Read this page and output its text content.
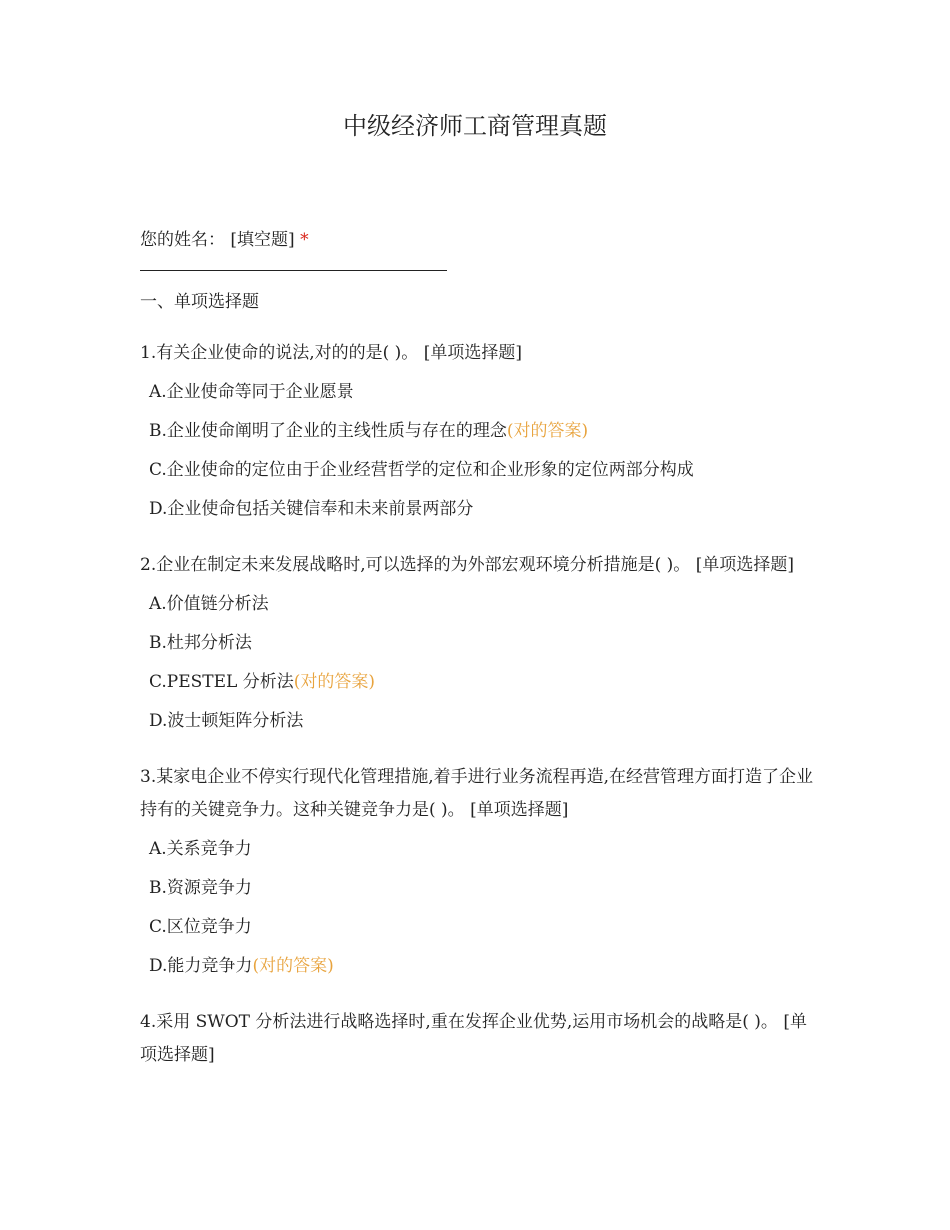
中级经济师工商管理真题
您的姓名： [填空题] *
一、单项选择题
1.有关企业使命的说法,对的的是( )。 [单项选择题]
A.企业使命等同于企业愿景
B.企业使命阐明了企业的主线性质与存在的理念(对的答案)
C.企业使命的定位由于企业经营哲学的定位和企业形象的定位两部分构成
D.企业使命包括关键信奉和未来前景两部分
2.企业在制定未来发展战略时,可以选择的为外部宏观环境分析措施是( )。 [单项选择题]
A.价值链分析法
B.杜邦分析法
C.PESTEL 分析法(对的答案)
D.波士顿矩阵分析法
3.某家电企业不停实行现代化管理措施,着手进行业务流程再造,在经营管理方面打造了企业持有的关键竞争力。这种关键竞争力是( )。 [单项选择题]
A.关系竞争力
B.资源竞争力
C.区位竞争力
D.能力竞争力(对的答案)
4.采用 SWOT 分析法进行战略选择时,重在发挥企业优势,运用市场机会的战略是( )。 [单项选择题]
